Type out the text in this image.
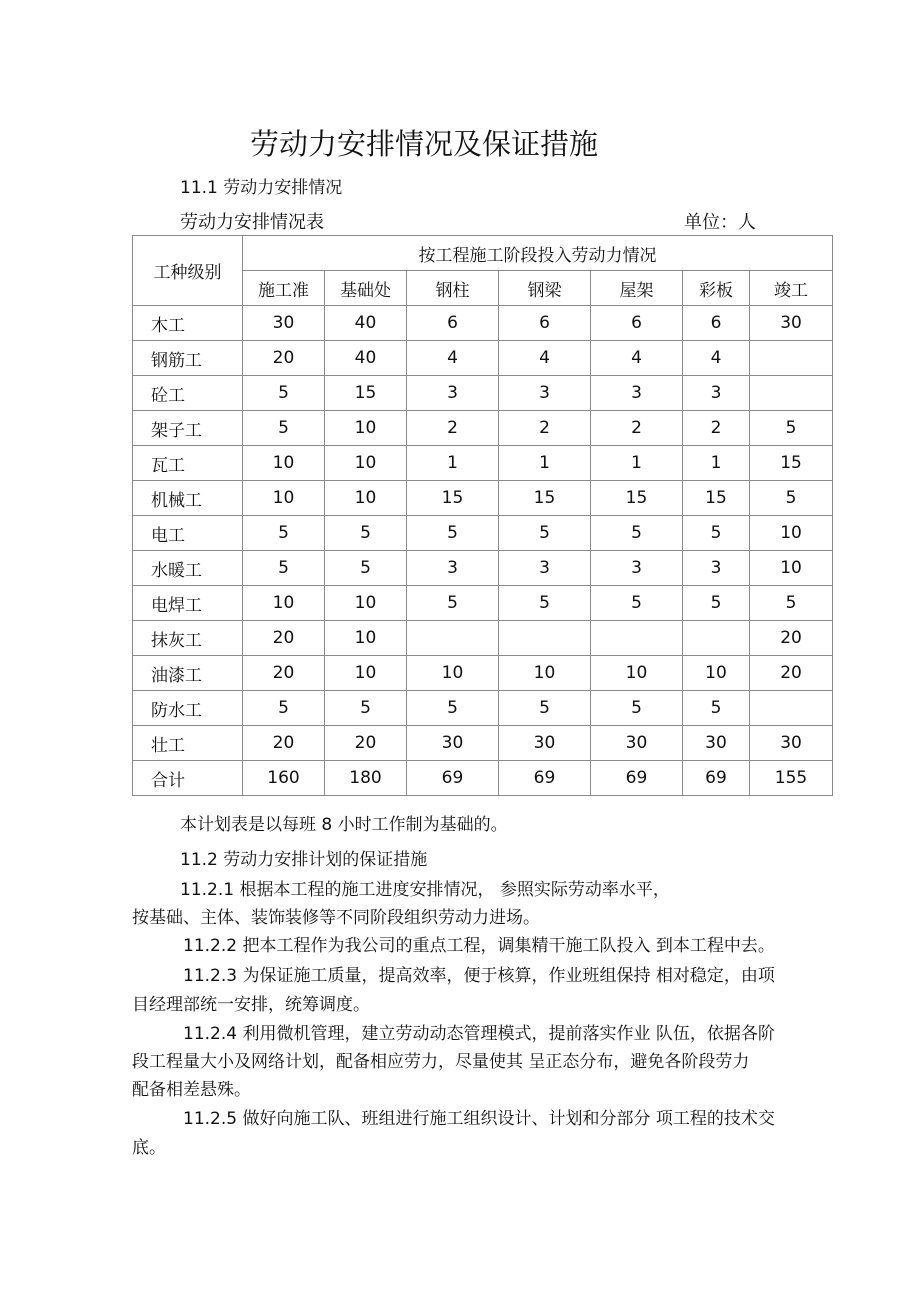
劳动力安排情况及保证措施
11.1 劳动力安排情况
劳动力安排情况表	单位：人
工种级别	按工程施工阶段投入劳动力情况						
	施工准	基础处	钢柱	钢梁	屋架	彩板	竣工
木工	30	40	6	6	6	6	30
钢筋工	20	40	4	4	4	4	
砼工	5	15	3	3	3	3	
架子工	5	10	2	2	2	2	5
瓦工	10	10	1	1	1	1	15
机械工	10	10	15	15	15	15	5
电工	5	5	5	5	5	5	10
水暖工	5	5	3	3	3	3	10
电焊工	10	10	5	5	5	5	5
抹灰工	20	10					20
油漆工	20	10	10	10	10	10	20
防水工	5	5	5	5	5	5	
壮工	20	20	30	30	30	30	30
合计	160	180	69	69	69	69	155
本计划表是以每班 8 小时工作制为基础的。
11.2 劳动力安排计划的保证措施
11.2.1 根据本工程的施工进度安排情况， 参照实际劳动率水平，
按基础、主体、装饰装修等不同阶段组织劳动力进场。
11.2.2 把本工程作为我公司的重点工程，调集精干施工队投入 到本工程中去。
11.2.3 为保证施工质量，提高效率，便于核算，作业班组保持 相对稳定，由项
目经理部统一安排，统筹调度。
11.2.4 利用微机管理，建立劳动动态管理模式，提前落实作业 队伍，依据各阶
段工程量大小及网络计划，配备相应劳力，尽量使其 呈正态分布，避免各阶段劳力
配备相差悬殊。
11.2.5 做好向施工队、班组进行施工组织设计、计划和分部分 项工程的技术交
底。
